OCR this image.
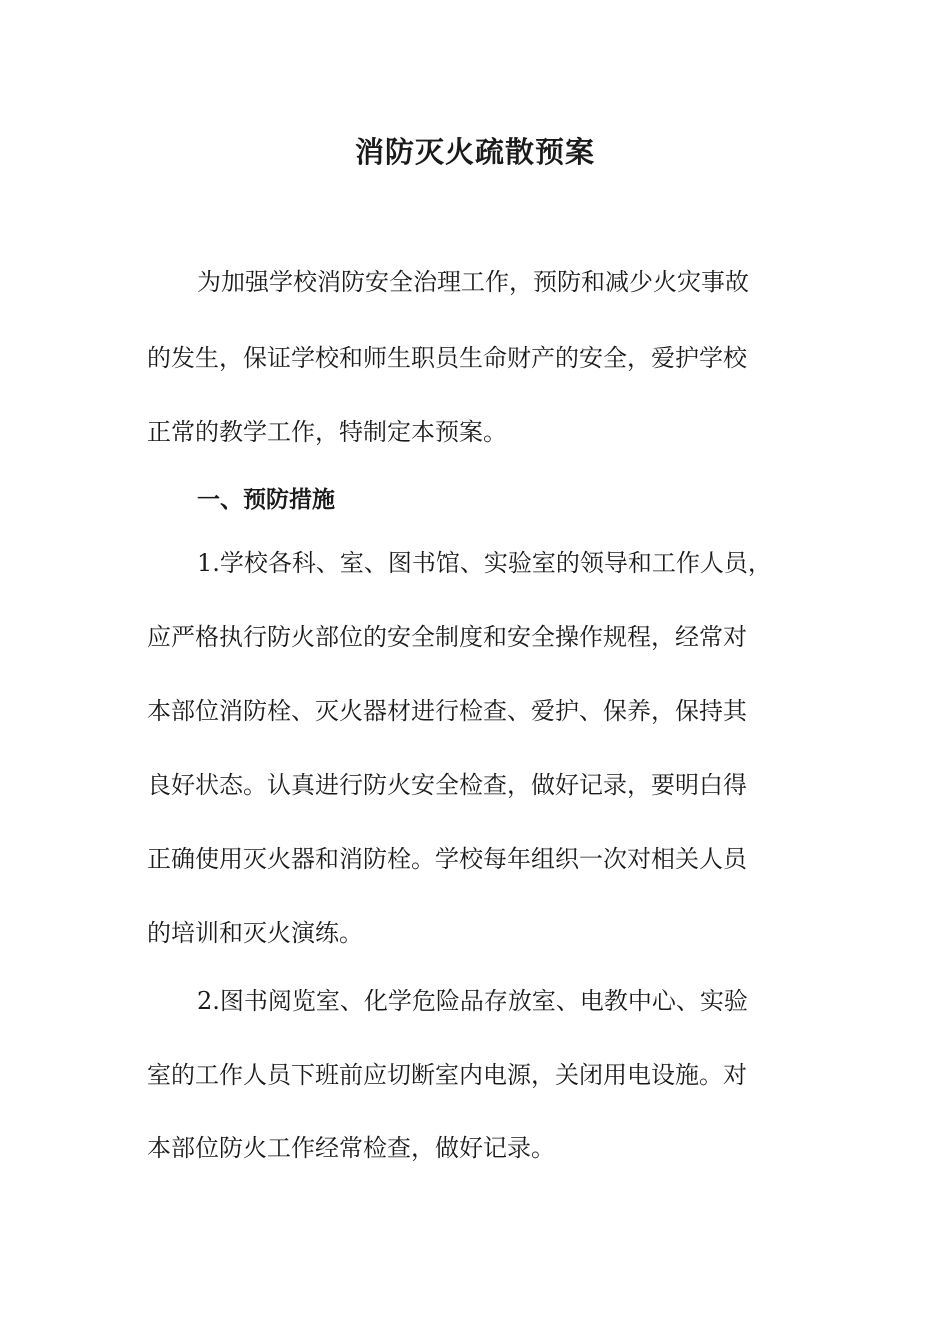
消防灭火疏散预案
为加强学校消防安全治理工作，预防和减少火灾事故
的发生，保证学校和师生职员生命财产的安全，爱护学校
正常的教学工作，特制定本预案。
一、预防措施
1.学校各科、室、图书馆、实验室的领导和工作人员，
应严格执行防火部位的安全制度和安全操作规程，经常对
本部位消防栓、灭火器材进行检查、爱护、保养，保持其
良好状态。认真进行防火安全检查，做好记录，要明白得
正确使用灭火器和消防栓。学校每年组织一次对相关人员
的培训和灭火演练。
2.图书阅览室、化学危险品存放室、电教中心、实验
室的工作人员下班前应切断室内电源，关闭用电设施。对
本部位防火工作经常检查，做好记录。
